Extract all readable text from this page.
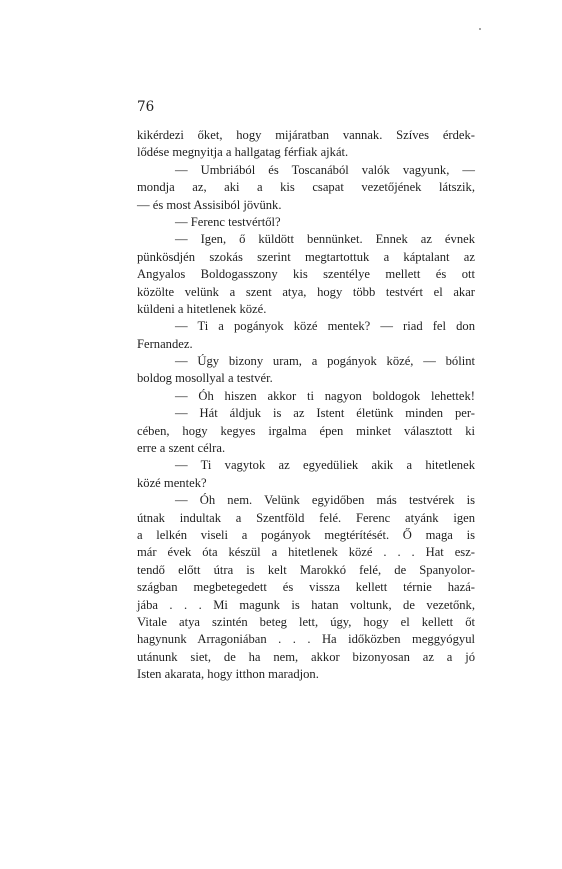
76

kikérdezi őket, hogy mijáratban vannak. Szíves érdek-
lődése megnyitja a hallgatag férfiak ajkát.
— Umbriából és Toscanából valók vagyunk, —
mondja az, aki a kis csapat vezetőjének látszik,
— és most Assisiból jövünk.
— Ferenc testvértől?
— Igen, ő küldött bennünket. Ennek az évnek
pünkösdjén szokás szerint megtartottuk a káptalant az
Angyalos Boldogasszony kis szentélye mellett és ott
közölte velünk a szent atya, hogy több testvért el akar
küldeni a hitetlenek közé.
— Ti a pogányok közé mentek? — riad fel don
Fernandez.
— Úgy bizony uram, a pogányok közé, — bólint
boldog mosollyal a testvér.
— Óh hiszen akkor ti nagyon boldogok lehettek!
— Hát áldjuk is az Istent életünk minden per-
cében, hogy kegyes irgalma épen minket választott ki
erre a szent célra.
— Ti vagytok az egyedüliek akik a hitetlenek
közé mentek?
— Óh nem. Velünk egyidőben más testvérek is
útnak indultak a Szentföld felé. Ferenc atyánk igen
a lelkén viseli a pogányok megtérítését. Ő maga is
már évek óta készül a hitetlenek közé . . . Hat esz-
tendő előtt útra is kelt Marokkó felé, de Spanyolor-
szágban megbetegedett és vissza kellett térnie hazá-
jába . . . Mi magunk is hatan voltunk, de vezetőnk,
Vitale atya szintén beteg lett, úgy, hogy el kellett őt
hagynunk Arragoniában . . . Ha időközben meggyógyul
utánunk siet, de ha nem, akkor bizonyosan az a jó
Isten akarata, hogy itthon maradjon.
